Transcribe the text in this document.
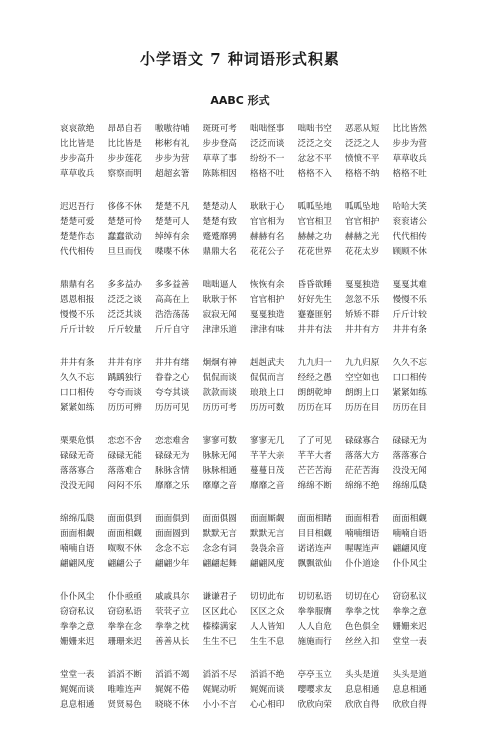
小学语文 7 种词语形式积累
AABC 形式
哀哀欲绝	昂昂自若	嗷嗷待哺	斑斑可考	咄咄怪事	咄咄书空	恶恶从短	比比皆然
比比皆是	比比皆是	彬彬有礼	步步登高	泛泛而谈	泛泛之交	泛泛之人	步步为营
步步高升	步步莲花	步步为营	草草了事	纷纷不一	忿忿不平	愤愤不平	草草收兵
草草收兵	察察而明	超超玄箸	陈陈相因	格格不吐	格格不入	格格不纳	格格不吐
迟迟吾行	侈侈不休	楚楚不凡	楚楚动人	耿耿于心	呱呱坠地	呱呱坠地	哈哈大笑
楚楚可爱	楚楚可怜	楚楚可人	楚楚有致	官官相为	官官相卫	官官相护	衮衮诸公
楚楚作态	蠢蠢欲动	绰绰有余	蹙蹙靡骋	赫赫有名	赫赫之功	赫赫之光	代代相传
代代相传	旦旦而伐	喋喋不休	鼎鼎大名	花花公子	花花世界	花花太岁	顾顾不休
鼎鼎有名	多多益办	多多益善	咄咄逼人	恢恢有余	昏昏欲睡	戛戛独造	戛戛其难
恩恩相报	泛泛之谈	高高在上	耿耿于怀	官官相护	好好先生	忽忽不乐	慢慢不乐
慢慢不乐	泛泛其谈	浩浩荡荡	寂寂无闻	戛戛独造	蹇蹇匪躬	矫矫不群	斤斤计较
斤斤计较	斤斤较量	斤斤自守	津津乐道	津津有味	井井有法	井井有方	井井有条
井井有条	井井有序	井井有绪	炯炯有神	赳赳武夫	九九归一	九九归原	久久不忘
久久不忘	踽踽独行	眷眷之心	侃侃而谈	侃侃而言	经经之愚	空空如也	口口相传
口口相传	夸夸而谈	夸夸其谈	款款而谈	琅琅上口	朗朗乾坤	朗朗上口	紧紧如练
紧紧如练	历历可辨	历历可见	历历可考	历历可数	历历在耳	历历在目	历历在目
栗栗危惧	恋恋不舍	恋恋难舍	寥寥可数	寥寥无几	了了可见	碌碌寡合	碌碌无为
碌碌无奇	碌碌无能	碌碌无为	脉脉无闻	芊芊大亲	芊芊大者	落落大方	落落寡合
落落寡合	落落难合	脉脉含情	脉脉相通	蔓蔓日茂	芒芒苦海	茫茫苦海	没没无闻
没没无闻	闷闷不乐	靡靡之乐	靡靡之音	靡靡之音	绵绵不断	绵绵不绝	绵绵瓜瓞
绵绵瓜瓞	面面俱到	面面俱到	面面俱圆	面面厮觑	面面相睹	面面相看	面面相觑
面面相觑	面面相觑	面面圆到	默默无言	默默无言	目目相觑	喃喃细语	喃喃自语
喃喃自语	呶呶不休	念念不忘	念念有词	袅袅余音	诺诺连声	喔喔连声	翩翩风度
翩翩风度	翩翩公子	翩翩少年	翩翩起舞	翩翩风度	飘飘欲仙	仆仆道途	仆仆风尘
仆仆风尘	仆仆亟亟	戚戚具尔	谦谦君子	切切此布	切切私语	切切在心	窃窃私议
窃窃私议	窃窃私语	茕茕孑立	区区此心	区区之众	拳拳服膺	拳拳之忱	拳拳之意
拳拳之意	拳拳在念	拳拳之枕	榛榛满家	人人皆知	人人自危	色色俱全	姗姗来迟
姗姗来迟	珊珊来迟	善善从长	生生不已	生生不息	施施而行	丝丝入扣	堂堂一表
堂堂一表	滔滔不断	滔滔不竭	滔滔不尽	滔滔不绝	亭亭玉立	头头是道	头头是道
娓娓而谈	唯唯连声	娓娓不倦	娓娓动听	娓娓而谈	嘤嘤求友	息息相通	息息相通
息息相通	贤贤易色	晓晓不休	小小不言	心心相印	欣欣向荣	欣欣自得	欣欣自得
